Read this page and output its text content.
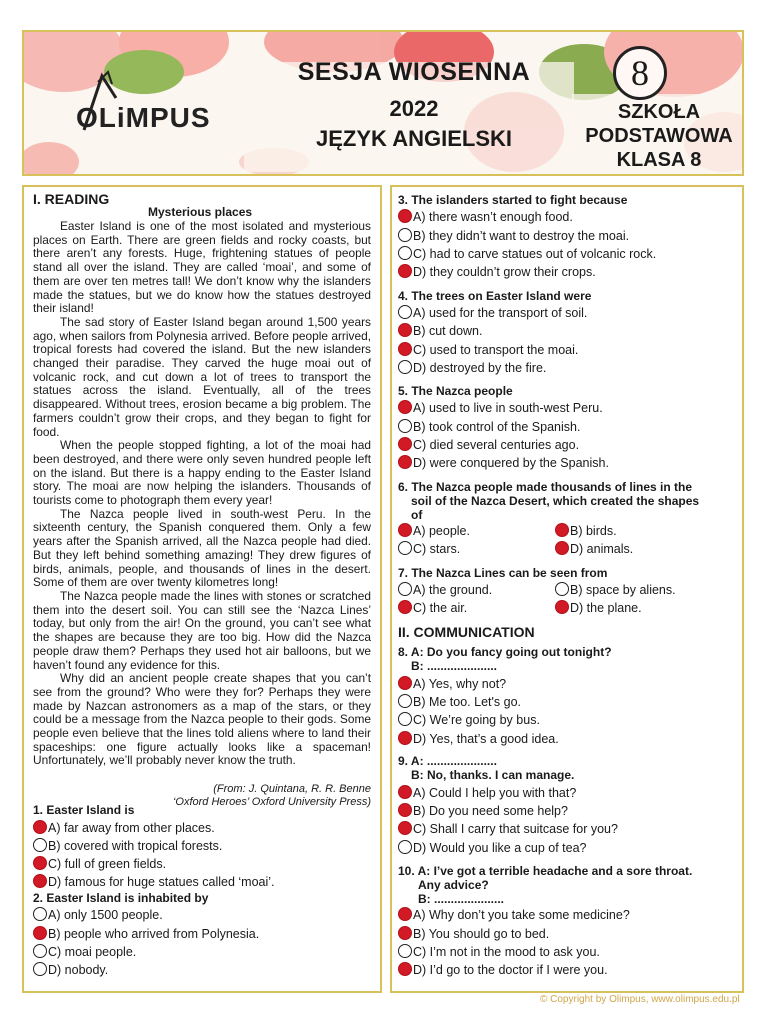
OLiMPUS
SESJA WIOSENNA
2022
JĘZYK ANGIELSKI
8
SZKOŁA
PODSTAWOWA
KLASA 8
I. READING
Mysterious places

Easter Island is one of the most isolated and mysterious places on Earth. There are green fields and rocky coasts, but there aren’t any forests. Huge, frightening statues of people stand all over the island. They are called ‘moai’, and some of them are over ten metres tall! We don’t know why the islanders made the statues, but we do know how the statues destroyed their island!

The sad story of Easter Island began around 1,500 years ago, when sailors from Polynesia arrived. Before people arrived, tropical forests had covered the island. But the new islanders changed their paradise. They carved the huge moai out of volcanic rock, and cut down a lot of trees to transport the statues across the island. Eventually, all of the trees disappeared. Without trees, erosion became a big problem. The farmers couldn’t grow their crops, and they began to fight for food.

When the people stopped fighting, a lot of the moai had been destroyed, and there were only seven hundred people left on the island. But there is a happy ending to the Easter Island story. The moai are now helping the islanders. Thousands of tourists come to photograph them every year!

The Nazca people lived in south-west Peru. In the sixteenth century, the Spanish conquered them. Only a few years after the Spanish arrived, all the Nazca people had died. But they left behind something amazing! They drew figures of birds, animals, people, and thousands of lines in the desert. Some of them are over twenty kilometres long!

The Nazca people made the lines with stones or scratched them into the desert soil. You can still see the ‘Nazca Lines’ today, but only from the air! On the ground, you can’t see what the shapes are because they are too big. How did the Nazca people draw them? Perhaps they used hot air balloons, but we haven’t found any evidence for this.

Why did an ancient people create shapes that you can’t see from the ground? Who were they for? Perhaps they were made by Nazcan astronomers as a map of the stars, or they could be a message from the Nazca people to their gods. Some people even believe that the lines told aliens where to land their spaceships: one figure actually looks like a spaceman! Unfortunately, we’ll probably never know the truth.

(From: J. Quintana, R. R. Benne
‘Oxford Heroes’ Oxford University Press)
1. Easter Island is
A) far away from other places.
B) covered with tropical forests.
C) full of green fields.
D) famous for huge statues called ‘moai’.
2. Easter Island is inhabited by
A) only 1500 people.
B) people who arrived from Polynesia.
C) moai people.
D) nobody.
3. The islanders started to fight because
A) there wasn’t enough food.
B) they didn’t want to destroy the moai.
C) had to carve statues out of volcanic rock.
D) they couldn’t grow their crops.
4. The trees on Easter Island were
A) used for the transport of soil.
B) cut down.
C) used to transport the moai.
D) destroyed by the fire.
5. The Nazca people
A) used to live in south-west Peru.
B) took control of the Spanish.
C) died several centuries ago.
D) were conquered by the Spanish.
6. The Nazca people made thousands of lines in the
soil of the Nazca Desert, which created the shapes
of
A) people.	B) birds.
C) stars.	D) animals.
7. The Nazca Lines can be seen from
A) the ground.	B) space by aliens.
C) the air.	D) the plane.
II. COMMUNICATION
8. A: Do you fancy going out tonight?
B: .....................
A) Yes, why not?
B) Me too. Let's go.
C) We’re going by bus.
D) Yes, that’s a good idea.
9. A: .....................
B: No, thanks. I can manage.
A) Could I help you with that?
B) Do you need some help?
C) Shall I carry that suitcase for you?
D) Would you like a cup of tea?
10. A: I’ve got a terrible headache and a sore throat.
Any advice?
B: .....................
A) Why don’t you take some medicine?
B) You should go to bed.
C) I’m not in the mood to ask you.
D) I’d go to the doctor if I were you.
© Copyright by Olimpus, www.olimpus.edu.pl
